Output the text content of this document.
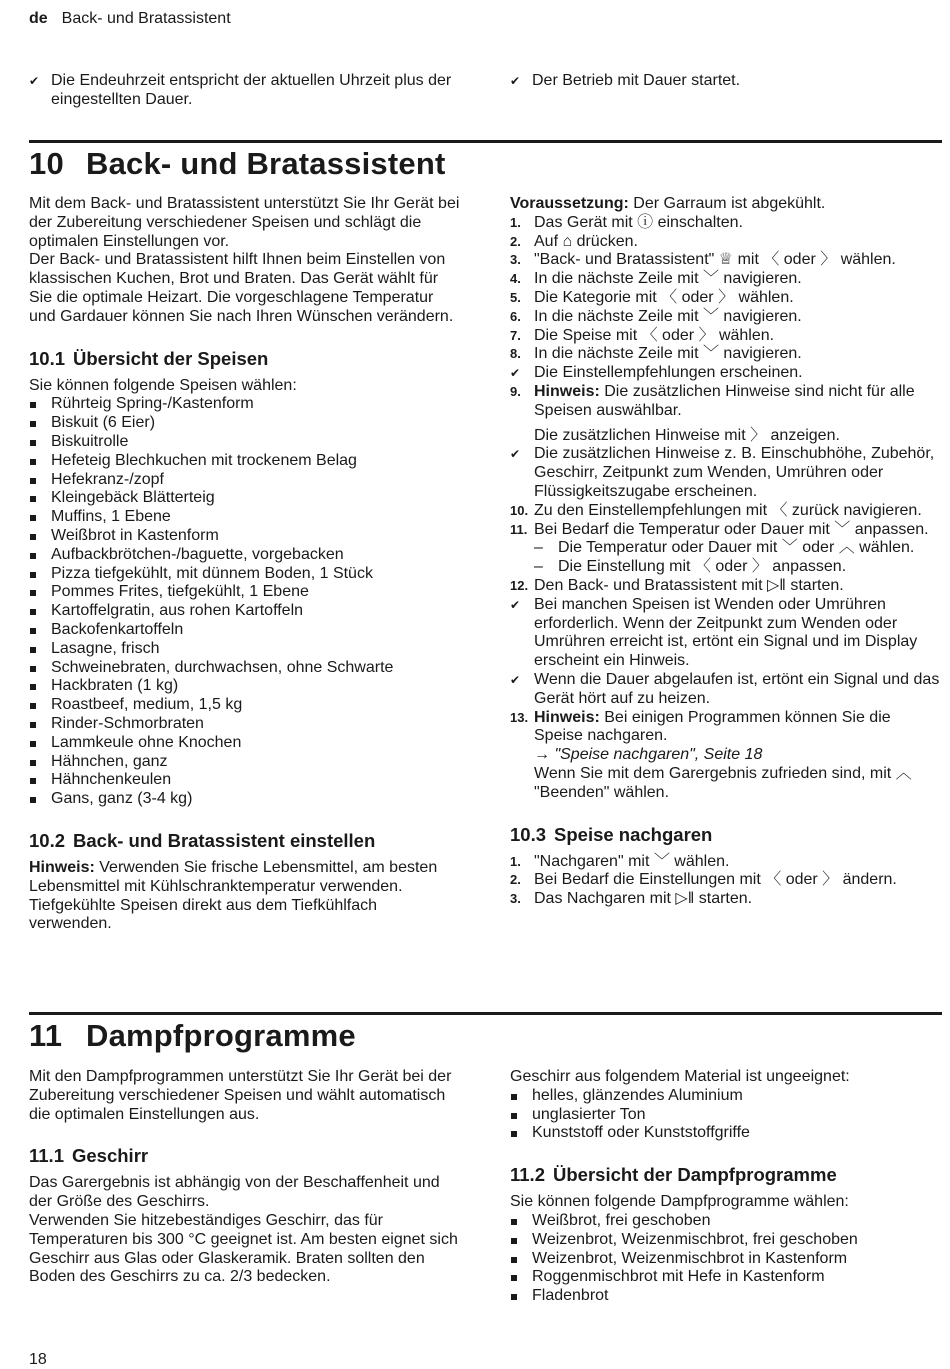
de Back- und Bratassistent
✔ Die Endeuhrzeit entspricht der aktuellen Uhrzeit plus der eingestellten Dauer.
✔ Der Betrieb mit Dauer startet.
10 Back- und Bratassistent

Mit dem Back- und Bratassistent unterstützt Sie Ihr Gerät bei der Zubereitung verschiedener Speisen und schlägt die optimalen Einstellungen vor.

Der Back- und Bratassistent hilft Ihnen beim Einstellen von klassischen Kuchen, Brot und Braten. Das Gerät wählt für Sie die optimale Heizart. Die vorgeschlagene Temperatur und Gardauer können Sie nach Ihren Wünschen verändern.

10.1 Übersicht der Speisen

Sie können folgende Speisen wählen:

Rührteig Spring-/Kastenform
Biskuit (6 Eier)
Biskuitrolle
Hefeteig Blechkuchen mit trockenem Belag
Hefekranz-/zopf
Kleingebäck Blätterteig
Muffins, 1 Ebene
Weißbrot in Kastenform
Aufbackbrötchen-/baguette, vorgebacken
Pizza tiefgekühlt, mit dünnem Boden, 1 Stück
Pommes Frites, tiefgekühlt, 1 Ebene
Kartoffelgratin, aus rohen Kartoffeln
Backofenkartoffeln
Lasagne, frisch
Schweinebraten, durchwachsen, ohne Schwarte
Hackbraten (1 kg)
Roastbeef, medium, 1,5 kg
Rinder-Schmorbraten
Lammkeule ohne Knochen
Hähnchen, ganz
Hähnchenkeulen
Gans, ganz (3-4 kg)
10.2 Back- und Bratassistent einstellen

Hinweis: Verwenden Sie frische Lebensmittel, am besten Lebensmittel mit Kühlschranktemperatur verwenden. Tiefgekühlte Speisen direkt aus dem Tiefkühlfach verwenden.

Voraussetzung: Der Garraum ist abgekühlt.

1. Das Gerät mit ⓘ einschalten.
2. Auf ⌂ drücken.
3. "Back- und Bratassistent" ♕ mit 〈 oder 〉 wählen.
4. In die nächste Zeile mit ﹀ navigieren.
5. Die Kategorie mit 〈 oder 〉 wählen.
6. In die nächste Zeile mit ﹀ navigieren.
7. Die Speise mit 〈 oder 〉 wählen.
8. In die nächste Zeile mit ﹀ navigieren.
✔ Die Einstellempfehlungen erscheinen.
9. Hinweis: Die zusätzlichen Hinweise sind nicht für alle Speisen auswählbar.
Die zusätzlichen Hinweise mit 〉 anzeigen.
✔ Die zusätzlichen Hinweise z. B. Einschubhöhe, Zubehör, Geschirr, Zeitpunkt zum Wenden, Umrühren oder Flüssigkeitszugabe erscheinen.
10. Zu den Einstellempfehlungen mit 〈 zurück navigieren.
11. Bei Bedarf die Temperatur oder Dauer mit ﹀ anpassen.
– Die Temperatur oder Dauer mit ﹀ oder ︿ wählen.
– Die Einstellung mit 〈 oder 〉 anpassen.
12. Den Back- und Bratassistent mit ▷‖ starten.
✔ Bei manchen Speisen ist Wenden oder Umrühren erforderlich. Wenn der Zeitpunkt zum Wenden oder Umrühren erreicht ist, ertönt ein Signal und im Display erscheint ein Hinweis.
✔ Wenn die Dauer abgelaufen ist, ertönt ein Signal und das Gerät hört auf zu heizen.
13. Hinweis: Bei einigen Programmen können Sie die Speise nachgaren.
→ "Speise nachgaren", Seite 18
Wenn Sie mit dem Garergebnis zufrieden sind, mit ︿ "Beenden" wählen.
10.3 Speise nachgaren
1. "Nachgaren" mit ﹀ wählen.
2. Bei Bedarf die Einstellungen mit 〈 oder 〉 ändern.
3. Das Nachgaren mit ▷‖ starten.
11 Dampfprogramme

Mit den Dampfprogrammen unterstützt Sie Ihr Gerät bei der Zubereitung verschiedener Speisen und wählt automatisch die optimalen Einstellungen aus.

11.1 Geschirr

Das Garergebnis ist abhängig von der Beschaffenheit und der Größe des Geschirrs.

Verwenden Sie hitzebeständiges Geschirr, das für Temperaturen bis 300 °C geeignet ist. Am besten eignet sich Geschirr aus Glas oder Glaskeramik. Braten sollten den Boden des Geschirrs zu ca. 2/3 bedecken.

Geschirr aus folgendem Material ist ungeeignet:

helles, glänzendes Aluminium
unglasierter Ton
Kunststoff oder Kunststoffgriffe
11.2 Übersicht der Dampfprogramme

Sie können folgende Dampfprogramme wählen:

Weißbrot, frei geschoben
Weizenbrot, Weizenmischbrot, frei geschoben
Weizenbrot, Weizenmischbrot in Kastenform
Roggenmischbrot mit Hefe in Kastenform
Fladenbrot
18
